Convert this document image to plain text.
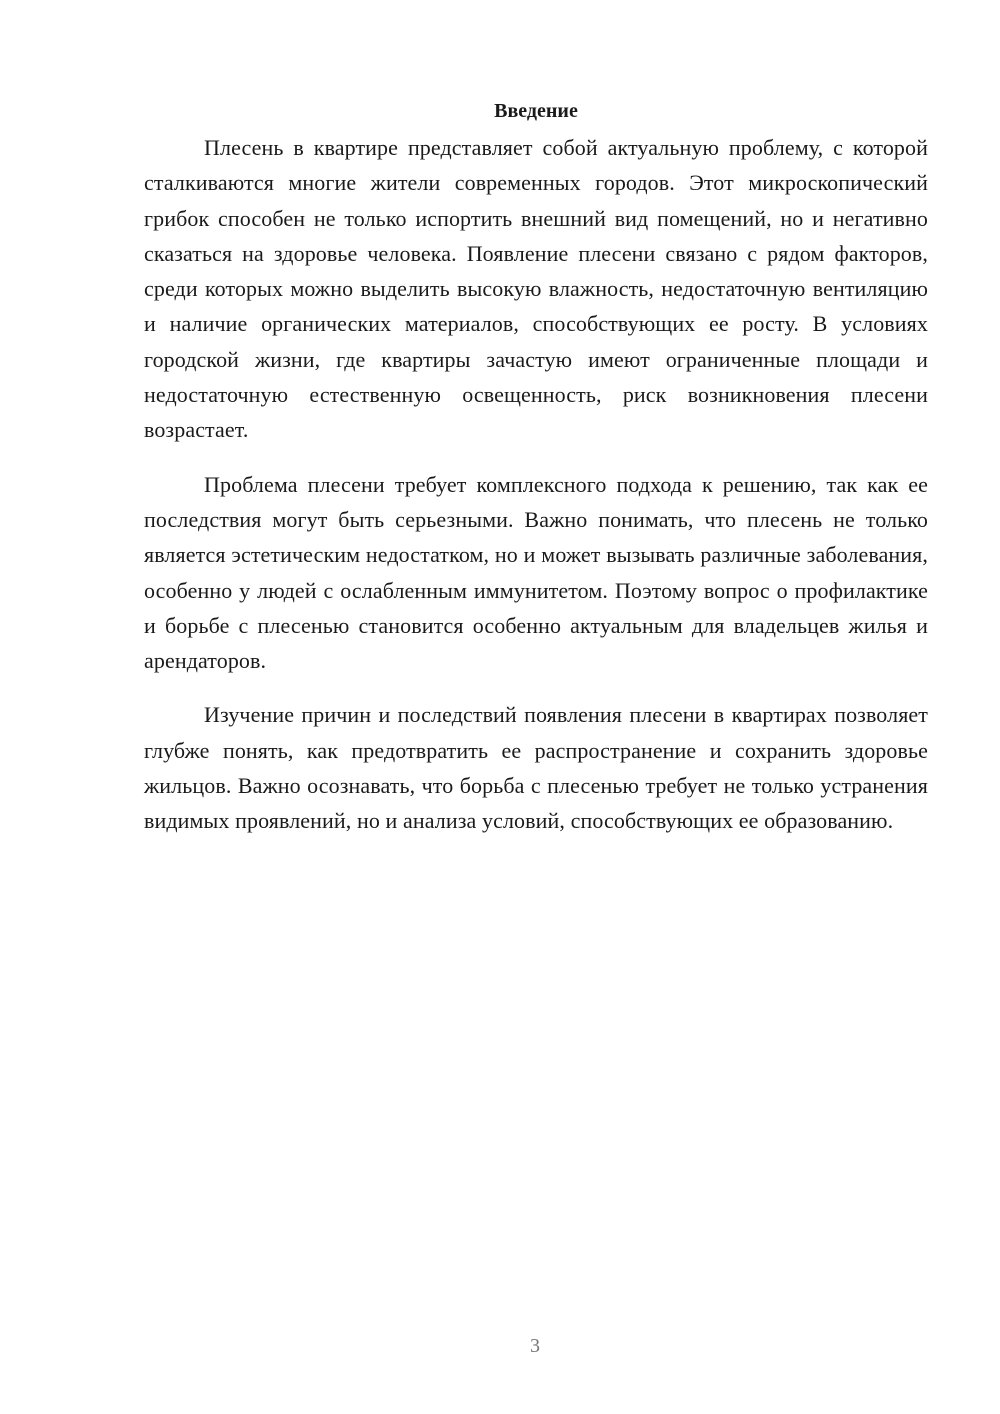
Введение

Плесень в квартире представляет собой актуальную проблему, с которой сталкиваются многие жители современных городов. Этот микроскопический грибок способен не только испортить внешний вид помещений, но и негативно сказаться на здоровье человека. Появление плесени связано с рядом факторов, среди которых можно выделить высокую влажность, недостаточную вентиляцию и наличие органических материалов, способствующих ее росту. В условиях городской жизни, где квартиры зачастую имеют ограниченные площади и недостаточную естественную освещенность, риск возникновения плесени возрастает.

Проблема плесени требует комплексного подхода к решению, так как ее последствия могут быть серьезными. Важно понимать, что плесень не только является эстетическим недостатком, но и может вызывать различные заболевания, особенно у людей с ослабленным иммунитетом. Поэтому вопрос о профилактике и борьбе с плесенью становится особенно актуальным для владельцев жилья и арендаторов.

Изучение причин и последствий появления плесени в квартирах позволяет глубже понять, как предотвратить ее распространение и сохранить здоровье жильцов. Важно осознавать, что борьба с плесенью требует не только устранения видимых проявлений, но и анализа условий, способствующих ее образованию.

3
